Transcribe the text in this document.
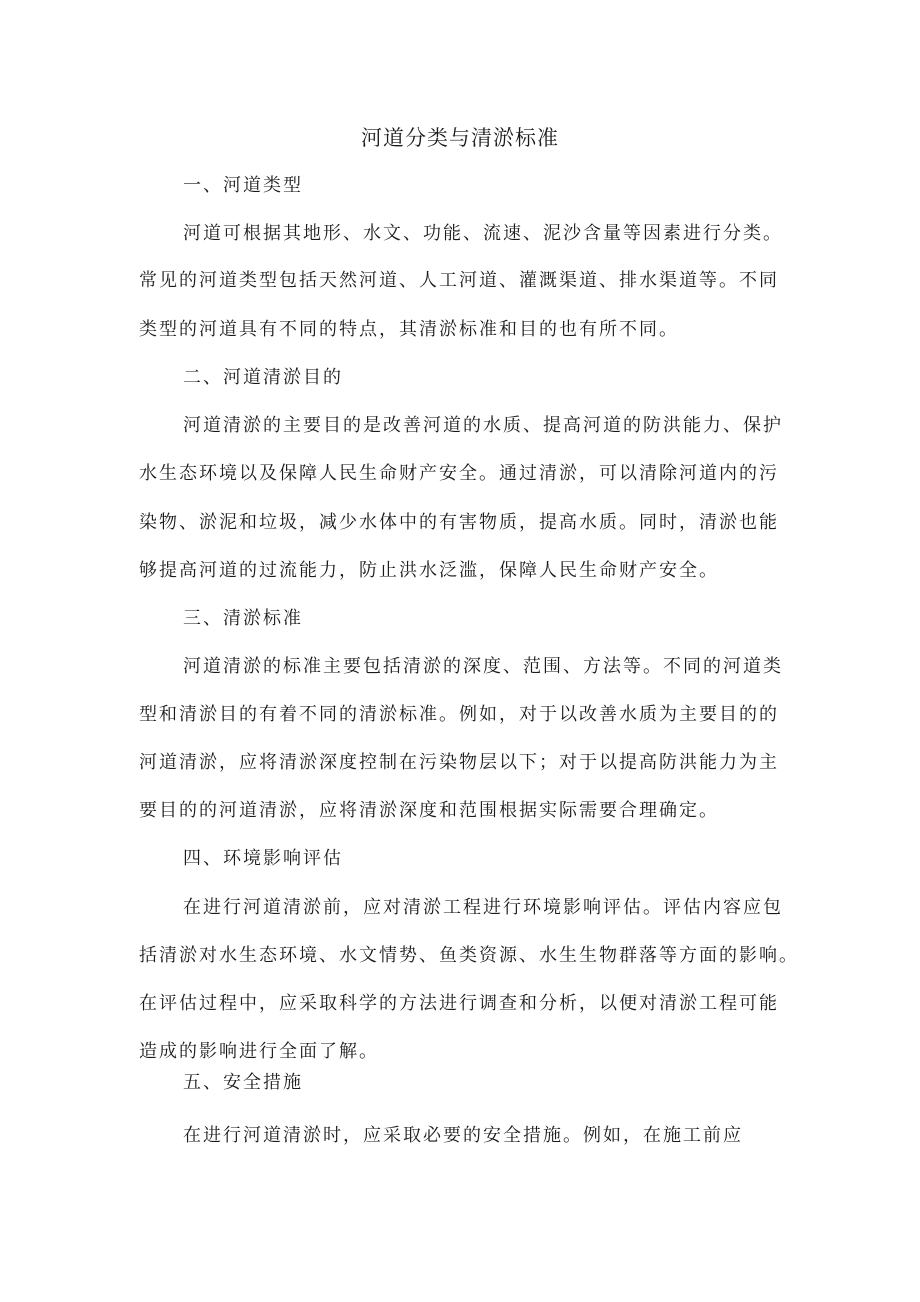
河道分类与清淤标准
一、河道类型
河道可根据其地形、水文、功能、流速、泥沙含量等因素进行分类。
常见的河道类型包括天然河道、人工河道、灌溉渠道、排水渠道等。不同
类型的河道具有不同的特点，其清淤标准和目的也有所不同。
二、河道清淤目的
河道清淤的主要目的是改善河道的水质、提高河道的防洪能力、保护
水生态环境以及保障人民生命财产安全。通过清淤，可以清除河道内的污
染物、淤泥和垃圾，减少水体中的有害物质，提高水质。同时，清淤也能
够提高河道的过流能力，防止洪水泛滥，保障人民生命财产安全。
三、清淤标准
河道清淤的标准主要包括清淤的深度、范围、方法等。不同的河道类
型和清淤目的有着不同的清淤标准。例如，对于以改善水质为主要目的的
河道清淤，应将清淤深度控制在污染物层以下；对于以提高防洪能力为主
要目的的河道清淤，应将清淤深度和范围根据实际需要合理确定。
四、环境影响评估
在进行河道清淤前，应对清淤工程进行环境影响评估。评估内容应包
括清淤对水生态环境、水文情势、鱼类资源、水生生物群落等方面的影响。
在评估过程中，应采取科学的方法进行调查和分析，以便对清淤工程可能
造成的影响进行全面了解。
五、安全措施
在进行河道清淤时，应采取必要的安全措施。例如，在施工前应
